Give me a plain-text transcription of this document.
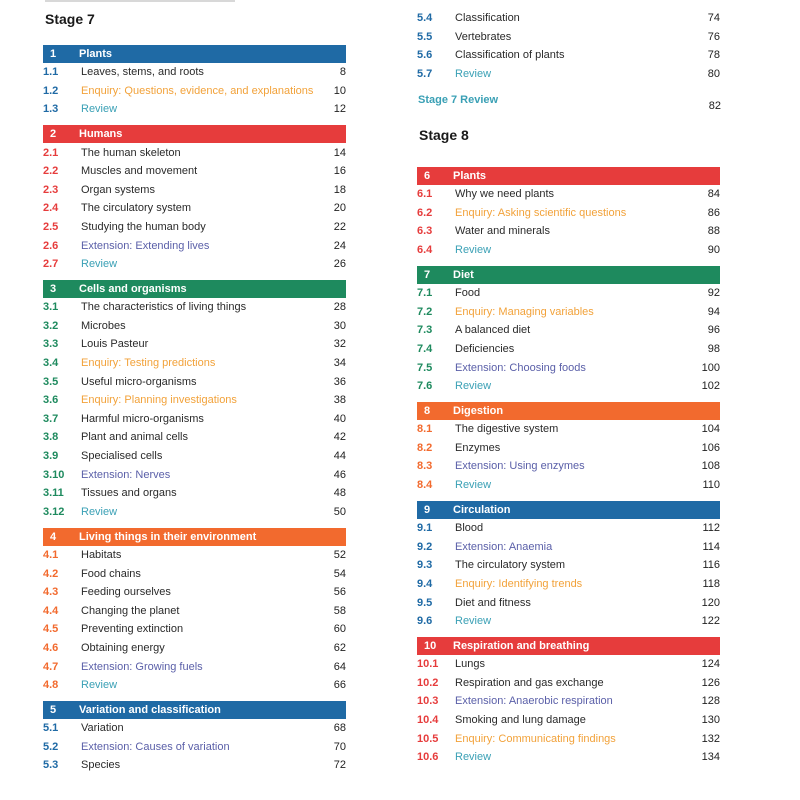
Stage 7
1	Plants
1.1	Leaves, stems, and roots	8
1.2	Enquiry: Questions, evidence, and explanations	10
1.3	Review	12
2	Humans
2.1	The human skeleton	14
2.2	Muscles and movement	16
2.3	Organ systems	18
2.4	The circulatory system	20
2.5	Studying the human body	22
2.6	Extension: Extending lives	24
2.7	Review	26
3	Cells and organisms
3.1	The characteristics of living things	28
3.2	Microbes	30
3.3	Louis Pasteur	32
3.4	Enquiry: Testing predictions	34
3.5	Useful micro-organisms	36
3.6	Enquiry: Planning investigations	38
3.7	Harmful micro-organisms	40
3.8	Plant and animal cells	42
3.9	Specialised cells	44
3.10	Extension: Nerves	46
3.11	Tissues and organs	48
3.12	Review	50
4	Living things in their environment
4.1	Habitats	52
4.2	Food chains	54
4.3	Feeding ourselves	56
4.4	Changing the planet	58
4.5	Preventing extinction	60
4.6	Obtaining energy	62
4.7	Extension: Growing fuels	64
4.8	Review	66
5	Variation and classification
5.1	Variation	68
5.2	Extension: Causes of variation	70
5.3	Species	72
5.4	Classification	74
5.5	Vertebrates	76
5.6	Classification of plants	78
5.7	Review	80
Stage 7 Review	82
Stage 8
6	Plants
6.1	Why we need plants	84
6.2	Enquiry: Asking scientific questions	86
6.3	Water and minerals	88
6.4	Review	90
7	Diet
7.1	Food	92
7.2	Enquiry: Managing variables	94
7.3	A balanced diet	96
7.4	Deficiencies	98
7.5	Extension: Choosing foods	100
7.6	Review	102
8	Digestion
8.1	The digestive system	104
8.2	Enzymes	106
8.3	Extension: Using enzymes	108
8.4	Review	110
9	Circulation
9.1	Blood	112
9.2	Extension: Anaemia	114
9.3	The circulatory system	116
9.4	Enquiry: Identifying trends	118
9.5	Diet and fitness	120
9.6	Review	122
10	Respiration and breathing
10.1	Lungs	124
10.2	Respiration and gas exchange	126
10.3	Extension: Anaerobic respiration	128
10.4	Smoking and lung damage	130
10.5	Enquiry: Communicating findings	132
10.6	Review	134
